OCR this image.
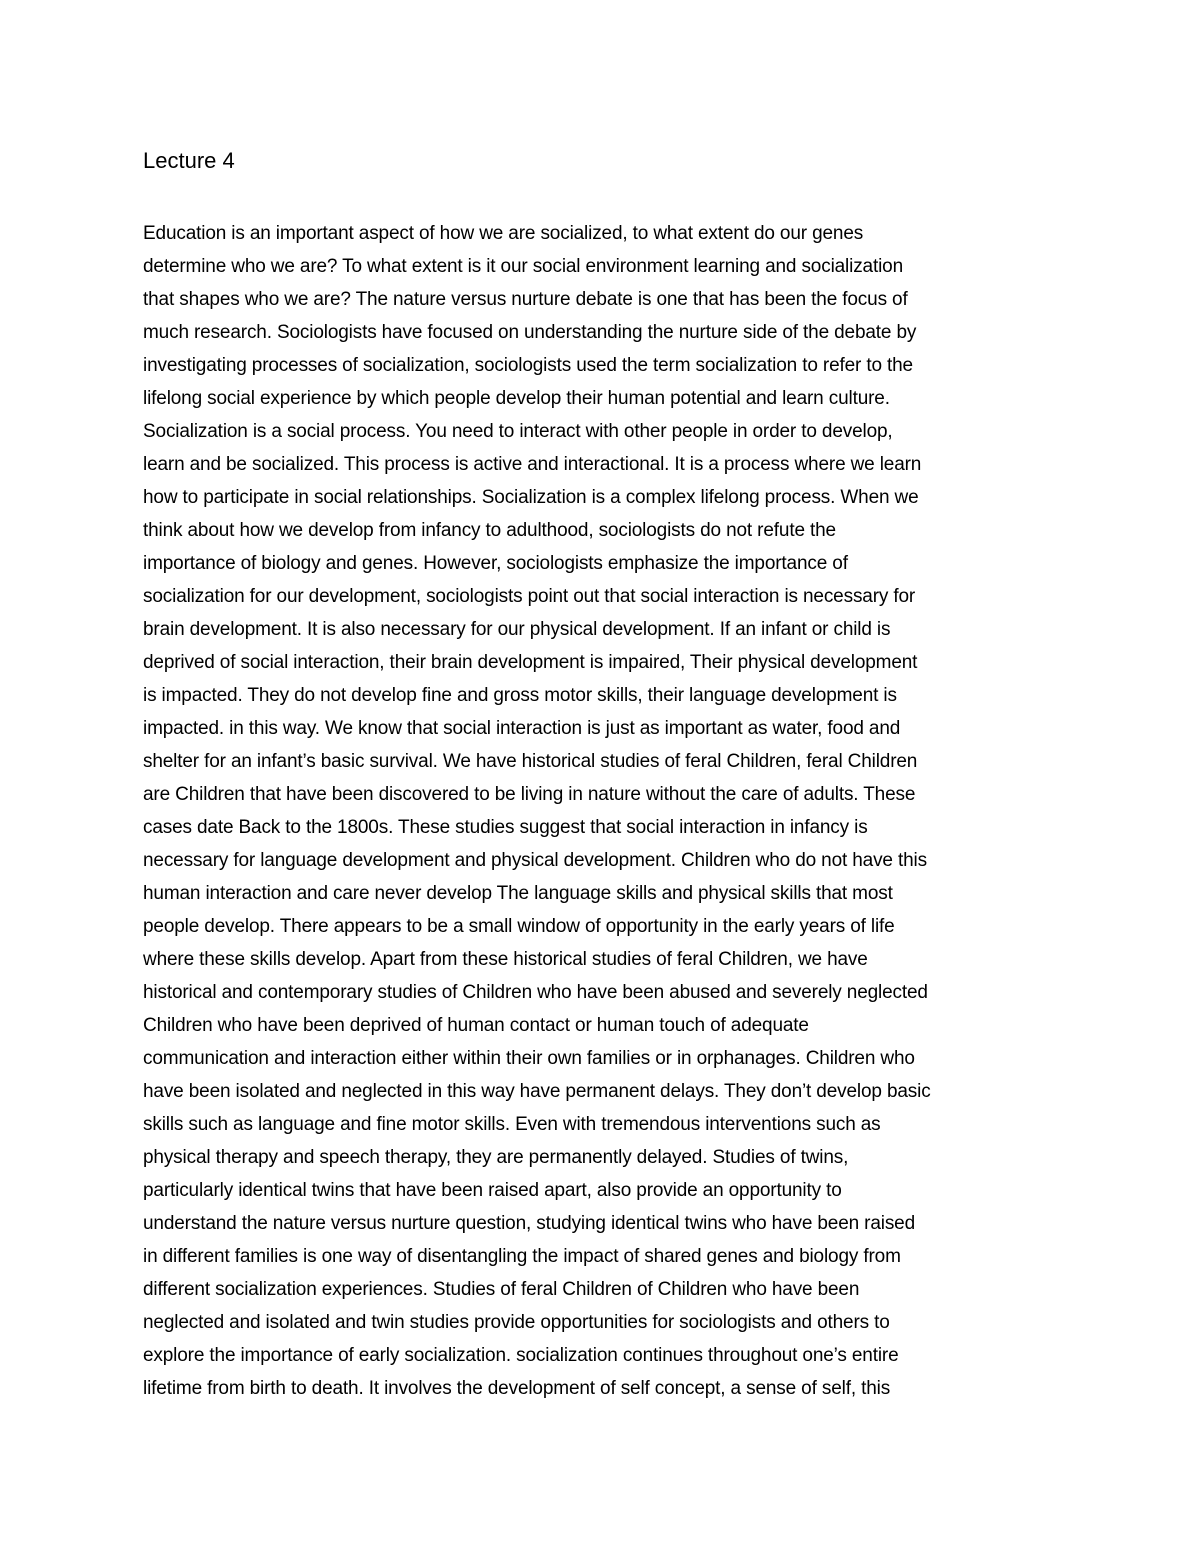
Lecture 4
Education is an important aspect of how we are socialized, to what extent do our genes
determine who we are? To what extent is it our social environment learning and socialization
that shapes who we are? The nature versus nurture debate is one that has been the focus of
much research. Sociologists have focused on understanding the nurture side of the debate by
investigating processes of socialization, sociologists used the term socialization to refer to the
lifelong social experience by which people develop their human potential and learn culture.
Socialization is a social process. You need to interact with other people in order to develop,
learn and be socialized. This process is active and interactional. It is a process where we learn
how to participate in social relationships. Socialization is a complex lifelong process. When we
think about how we develop from infancy to adulthood, sociologists do not refute the
importance of biology and genes. However, sociologists emphasize the importance of
socialization for our development, sociologists point out that social interaction is necessary for
brain development. It is also necessary for our physical development. If an infant or child is
deprived of social interaction, their brain development is impaired, Their physical development
is impacted. They do not develop fine and gross motor skills, their language development is
impacted. in this way. We know that social interaction is just as important as water, food and
shelter for an infant’s basic survival. We have historical studies of feral Children, feral Children
are Children that have been discovered to be living in nature without the care of adults. These
cases date Back to the 1800s. These studies suggest that social interaction in infancy is
necessary for language development and physical development. Children who do not have this
human interaction and care never develop The language skills and physical skills that most
people develop. There appears to be a small window of opportunity in the early years of life
where these skills develop. Apart from these historical studies of feral Children, we have
historical and contemporary studies of Children who have been abused and severely neglected
Children who have been deprived of human contact or human touch of adequate
communication and interaction either within their own families or in orphanages. Children who
have been isolated and neglected in this way have permanent delays. They don’t develop basic
skills such as language and fine motor skills. Even with tremendous interventions such as
physical therapy and speech therapy, they are permanently delayed. Studies of twins,
particularly identical twins that have been raised apart, also provide an opportunity to
understand the nature versus nurture question, studying identical twins who have been raised
in different families is one way of disentangling the impact of shared genes and biology from
different socialization experiences. Studies of feral Children of Children who have been
neglected and isolated and twin studies provide opportunities for sociologists and others to
explore the importance of early socialization. socialization continues throughout one’s entire
lifetime from birth to death. It involves the development of self concept, a sense of self, this
